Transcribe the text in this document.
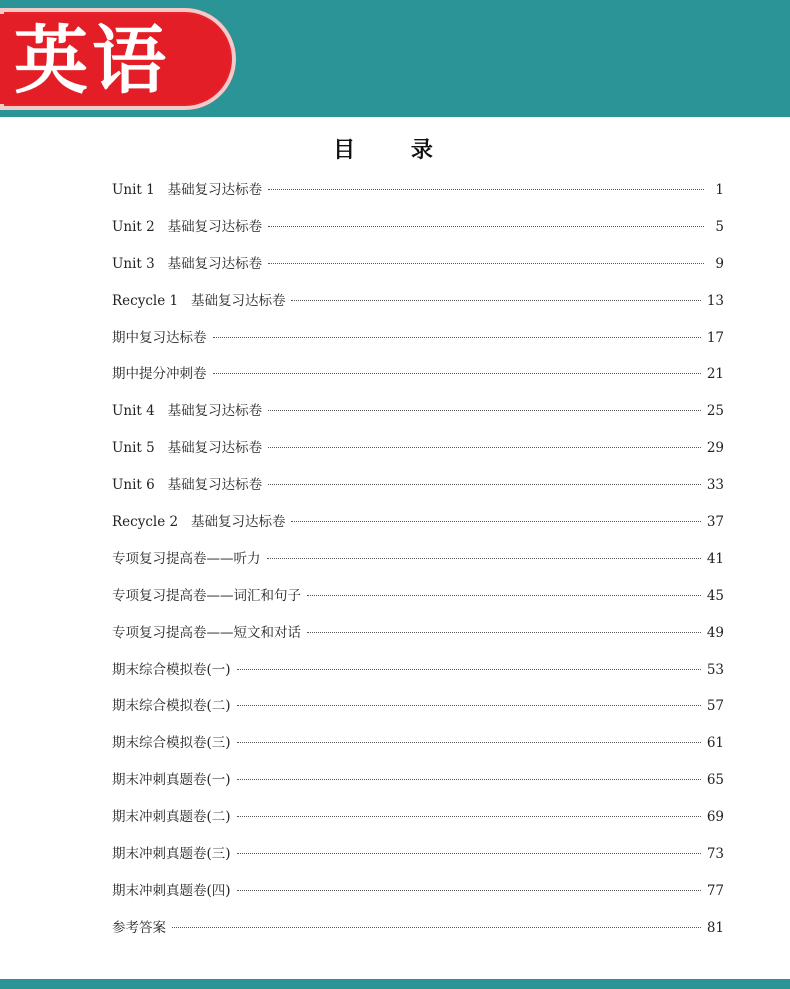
英语
目 录
Unit 1   基础复习达标卷	1
Unit 2   基础复习达标卷	5
Unit 3   基础复习达标卷	9
Recycle 1   基础复习达标卷	13
期中复习达标卷	17
期中提分冲刺卷	21
Unit 4   基础复习达标卷	25
Unit 5   基础复习达标卷	29
Unit 6   基础复习达标卷	33
Recycle 2   基础复习达标卷	37
专项复习提高卷——听力	41
专项复习提高卷——词汇和句子	45
专项复习提高卷——短文和对话	49
期末综合模拟卷(一)	53
期末综合模拟卷(二)	57
期末综合模拟卷(三)	61
期末冲刺真题卷(一)	65
期末冲刺真题卷(二)	69
期末冲刺真题卷(三)	73
期末冲刺真题卷(四)	77
参考答案	81
